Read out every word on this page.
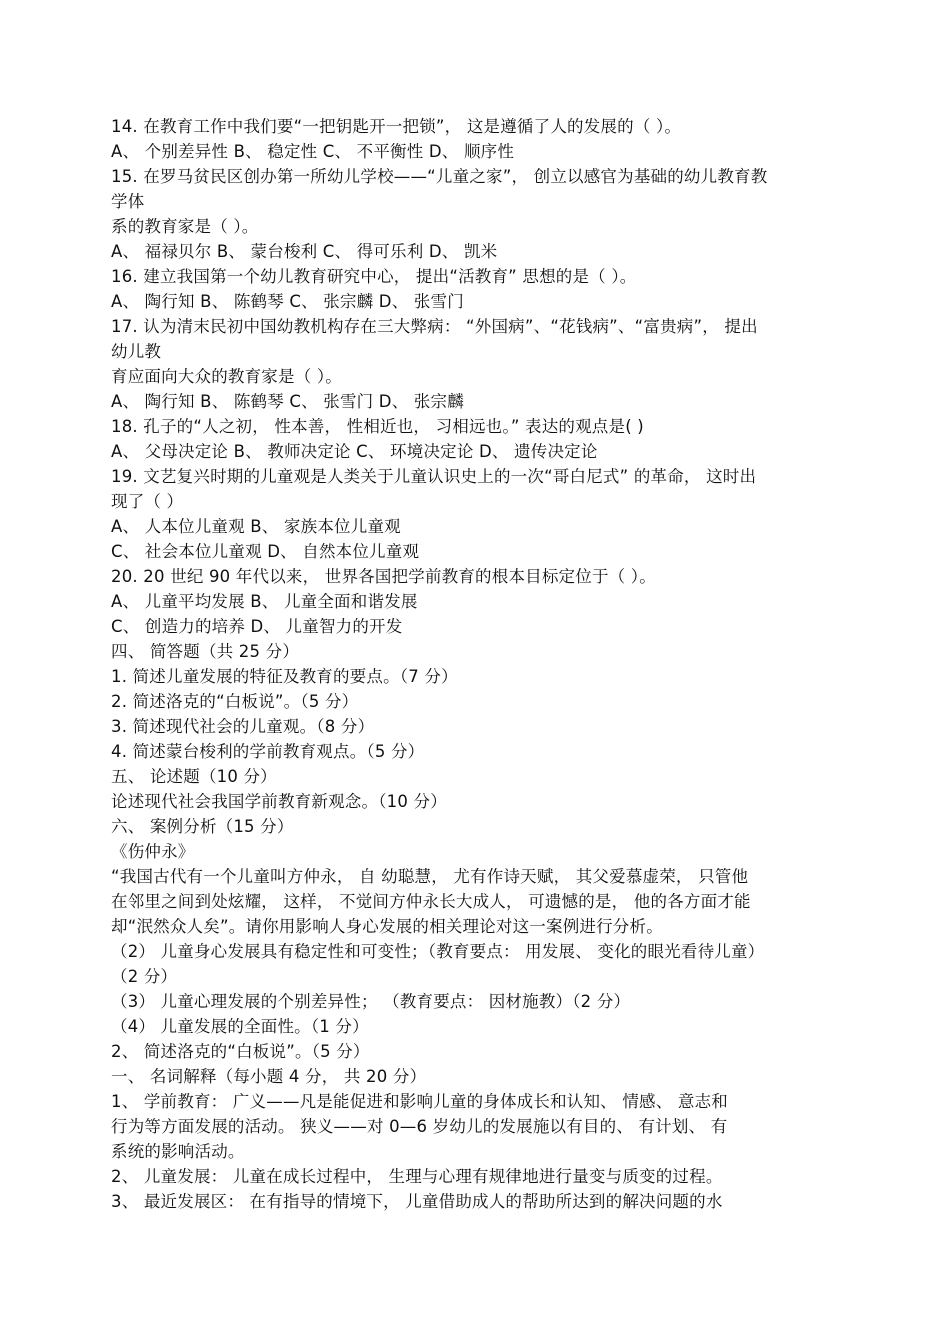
14. 在教育工作中我们要“一把钥匙开一把锁”， 这是遵循了人的发展的（ ）。
A、 个别差异性 B、 稳定性 C、 不平衡性 D、 顺序性
15. 在罗马贫民区创办第一所幼儿学校——“儿童之家”， 创立以感官为基础的幼儿教育教
学体
系的教育家是（ ）。
A、 福禄贝尔 B、 蒙台梭利 C、 得可乐利 D、 凯米
16. 建立我国第一个幼儿教育研究中心， 提出“活教育” 思想的是（ ）。
A、 陶行知 B、 陈鹤琴 C、 张宗麟 D、 张雪门
17. 认为清末民初中国幼教机构存在三大弊病： “外国病”、“花钱病”、“富贵病”， 提出
幼儿教
育应面向大众的教育家是（ ）。
A、 陶行知 B、 陈鹤琴 C、 张雪门 D、 张宗麟
18. 孔子的“人之初， 性本善， 性相近也， 习相远也。” 表达的观点是( )
A、 父母决定论 B、 教师决定论 C、 环境决定论 D、 遗传决定论
19. 文艺复兴时期的儿童观是人类关于儿童认识史上的一次“哥白尼式” 的革命， 这时出
现了（ ）
A、 人本位儿童观 B、 家族本位儿童观
C、 社会本位儿童观 D、 自然本位儿童观
20. 20 世纪 90 年代以来， 世界各国把学前教育的根本目标定位于（ ）。
A、 儿童平均发展 B、 儿童全面和谐发展
C、 创造力的培养 D、 儿童智力的开发
四、 简答题（共 25 分）
1. 简述儿童发展的特征及教育的要点。（7 分）
2. 简述洛克的“白板说”。（5 分）
3. 简述现代社会的儿童观。（8 分）
4. 简述蒙台梭利的学前教育观点。（5 分）
五、 论述题（10 分）
论述现代社会我国学前教育新观念。（10 分）
六、 案例分析（15 分）
《伤仲永》
“我国古代有一个儿童叫方仲永， 自 幼聪慧， 尤有作诗天赋， 其父爱慕虚荣， 只管他
在邻里之间到处炫耀， 这样， 不觉间方仲永长大成人， 可遗憾的是， 他的各方面才能
却“泯然众人矣”。请你用影响人身心发展的相关理论对这一案例进行分析。
（2） 儿童身心发展具有稳定性和可变性；（教育要点： 用发展、 变化的眼光看待儿童）
（2 分）
（3） 儿童心理发展的个别差异性； （教育要点： 因材施教）（2 分）
（4） 儿童发展的全面性。（1 分）
2、 简述洛克的“白板说”。（5 分）
一、 名词解释（每小题 4 分， 共 20 分）
1、 学前教育： 广义——凡是能促进和影响儿童的身体成长和认知、 情感、 意志和
行为等方面发展的活动。 狭义——对 0—6 岁幼儿的发展施以有目的、 有计划、 有
系统的影响活动。
2、 儿童发展： 儿童在成长过程中， 生理与心理有规律地进行量变与质变的过程。
3、 最近发展区： 在有指导的情境下， 儿童借助成人的帮助所达到的解决问题的水
